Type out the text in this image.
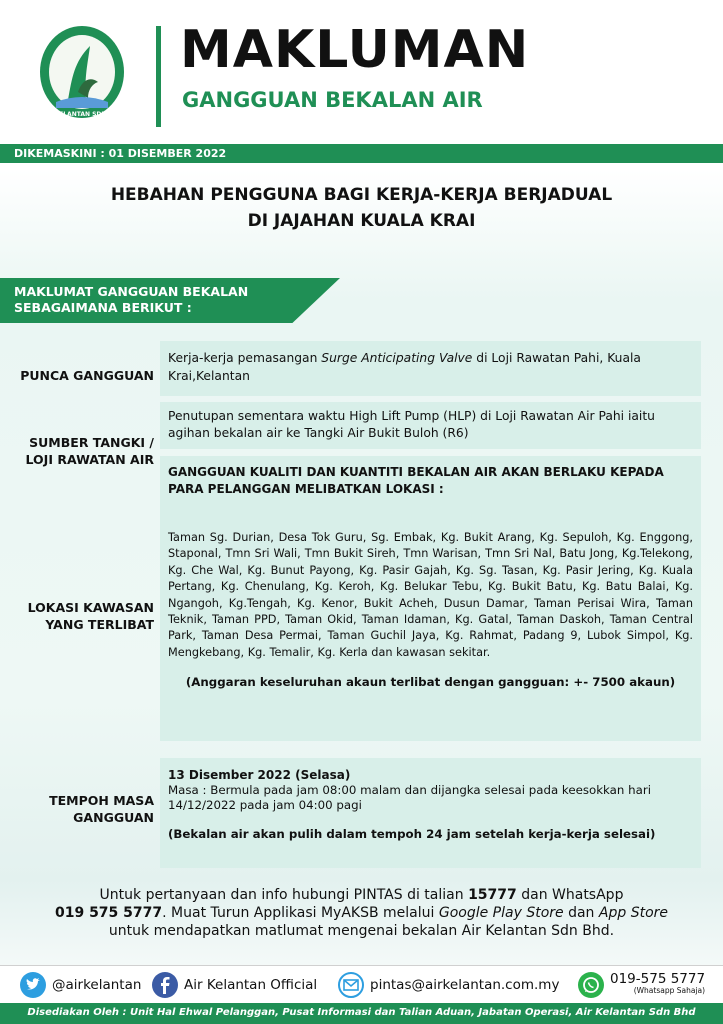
AIR KELANTAN SDN BHD
MAKLUMAN
GANGGUAN BEKALAN AIR
DIKEMASKINI : 01 DISEMBER 2022
HEBAHAN PENGGUNA BAGI KERJA-KERJA BERJADUAL
DI JAJAHAN KUALA KRAI
MAKLUMAT GANGGUAN BEKALAN
SEBAGAIMANA BERIKUT :
PUNCA GANGGUAN
Kerja-kerja pemasangan Surge Anticipating Valve di Loji Rawatan Pahi, Kuala Krai,Kelantan
SUMBER TANGKI /
LOJI RAWATAN AIR
Penutupan sementara waktu High Lift Pump (HLP) di Loji Rawatan Air Pahi iaitu agihan bekalan air ke Tangki Air Bukit Buloh (R6)
LOKASI KAWASAN
YANG TERLIBAT
GANGGUAN KUALITI DAN KUANTITI BEKALAN AIR AKAN BERLAKU KEPADA PARA PELANGGAN MELIBATKAN LOKASI :
Taman Sg. Durian, Desa Tok Guru, Sg. Embak, Kg. Bukit Arang, Kg. Sepuloh, Kg. Enggong, Staponal, Tmn Sri Wali, Tmn Bukit Sireh, Tmn Warisan, Tmn Sri Nal, Batu Jong, Kg.Telekong, Kg. Che Wal, Kg. Bunut Payong, Kg. Pasir Gajah, Kg. Sg. Tasan, Kg. Pasir Jering, Kg. Kuala Pertang, Kg. Chenulang, Kg. Keroh, Kg. Belukar Tebu, Kg. Bukit Batu, Kg. Batu Balai, Kg. Ngangoh, Kg.Tengah, Kg. Kenor, Bukit Acheh, Dusun Damar, Taman Perisai Wira, Taman Teknik, Taman PPD, Taman Okid, Taman Idaman, Kg. Gatal, Taman Daskoh, Taman Central Park, Taman Desa Permai, Taman Guchil Jaya, Kg. Rahmat, Padang 9, Lubok Simpol, Kg. Mengkebang, Kg. Temalir, Kg. Kerla dan kawasan sekitar.
(Anggaran keseluruhan akaun terlibat dengan gangguan: +- 7500 akaun)
TEMPOH MASA
GANGGUAN
13 Disember 2022 (Selasa)
Masa : Bermula pada jam 08:00 malam dan dijangka selesai pada keesokkan hari 14/12/2022 pada jam 04:00 pagi
(Bekalan air akan pulih dalam tempoh 24 jam setelah kerja-kerja selesai)
Untuk pertanyaan dan info hubungi PINTAS di talian 15777 dan WhatsApp
019 575 5777. Muat Turun Applikasi MyAKSB melalui Google Play Store dan App Store
untuk mendapatkan matlumat mengenai bekalan Air Kelantan Sdn Bhd.
@airkelantan	Air Kelantan Official	pintas@airkelantan.com.my	019-575 5777
(Whatsapp Sahaja)
Disediakan Oleh : Unit Hal Ehwal Pelanggan, Pusat Informasi dan Talian Aduan, Jabatan Operasi, Air Kelantan Sdn Bhd
